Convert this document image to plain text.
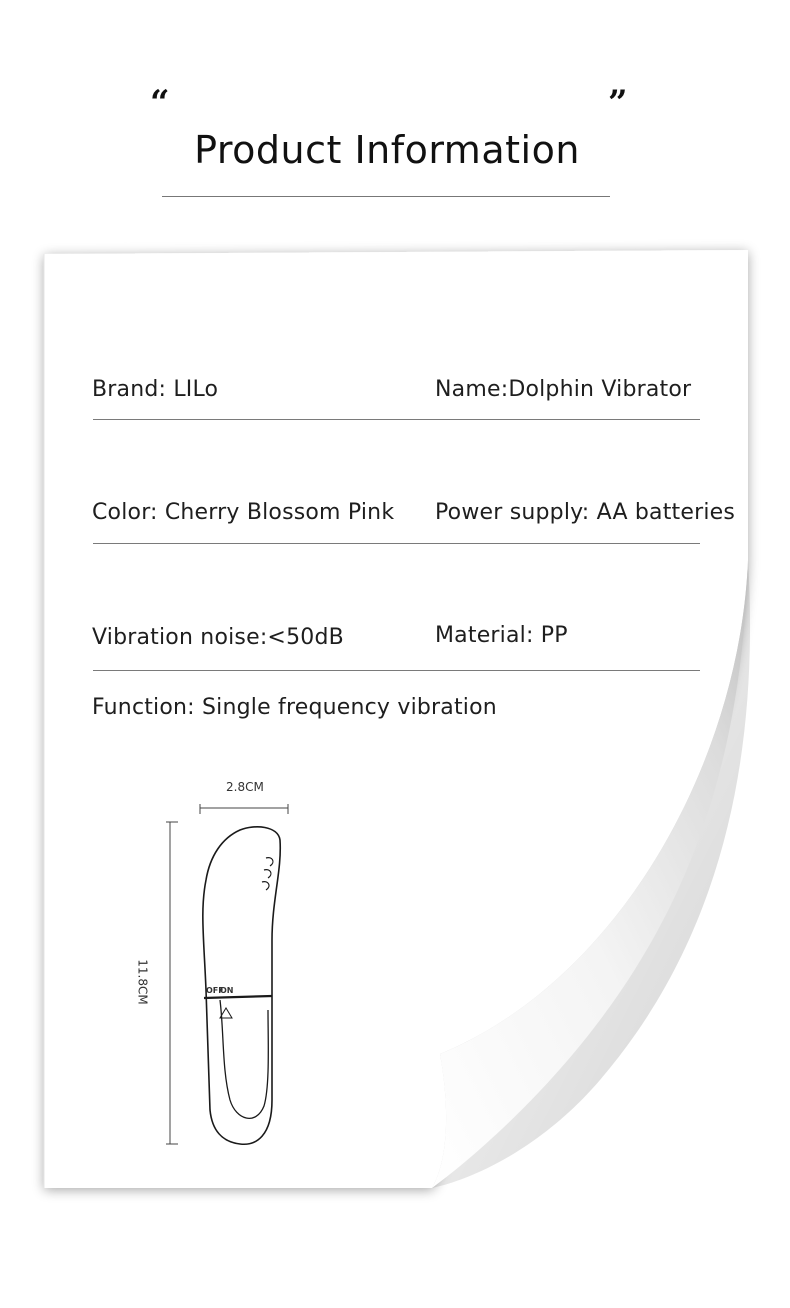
“	”
Product Information
Brand: LILo	Name:Dolphin Vibrator
Color: Cherry Blossom Pink Power supply: AA batteries
Vibration noise:<50dB	Material: PP
Function: Single frequency vibration
2.8CM
11.8CM	OFF
ON
